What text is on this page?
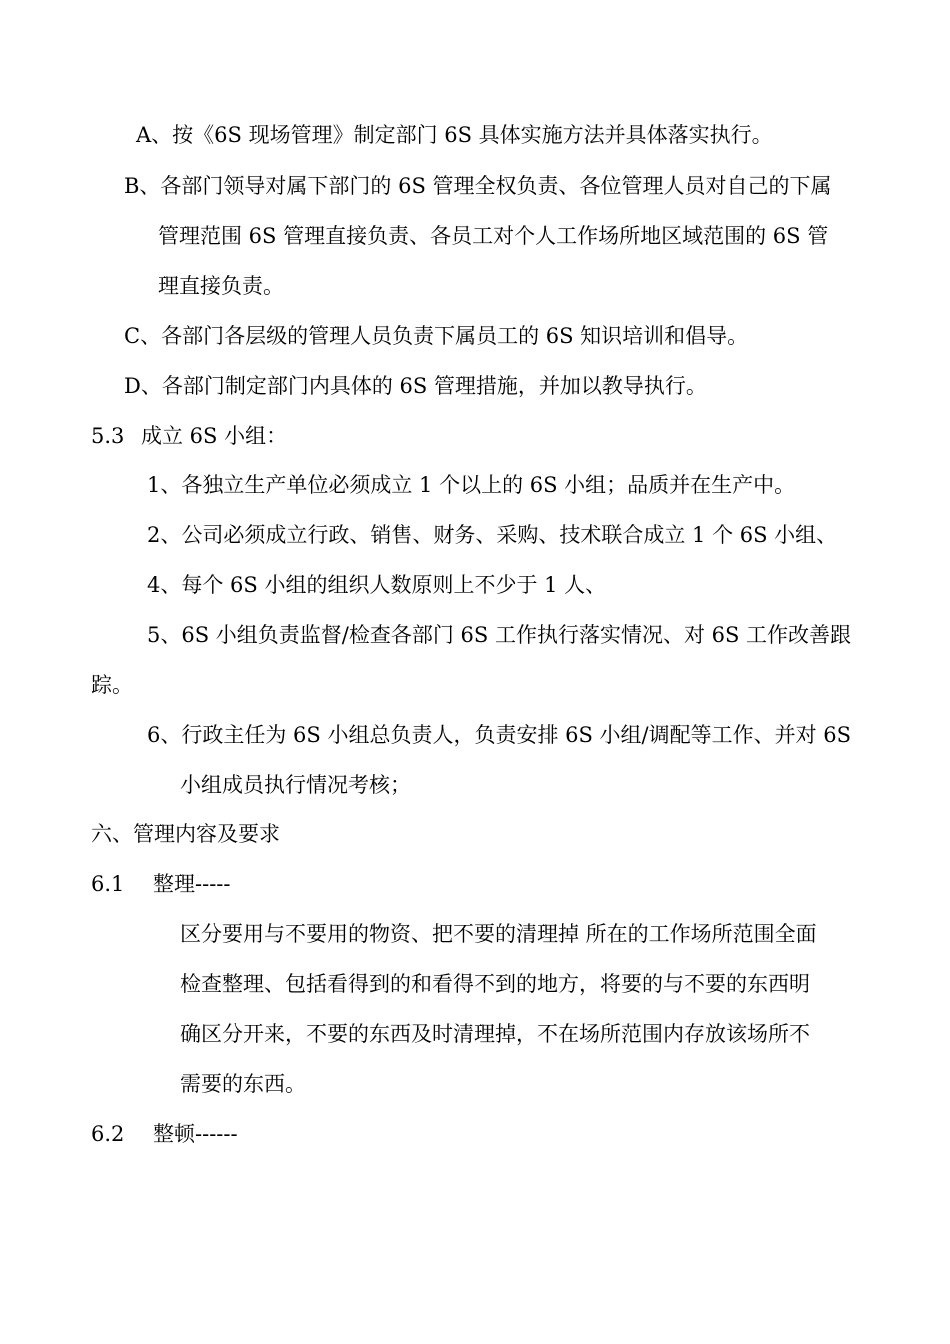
A、按《6S 现场管理》制定部门 6S 具体实施方法并具体落实执行。
B、各部门领导对属下部门的 6S 管理全权负责、各位管理人员对自己的下属
管理范围 6S 管理直接负责、各员工对个人工作场所地区域范围的 6S 管
理直接负责。
C、各部门各层级的管理人员负责下属员工的 6S 知识培训和倡导。
D、各部门制定部门内具体的 6S 管理措施，并加以教导执行。
5.3 成立 6S 小组：
1、各独立生产单位必须成立 1 个以上的 6S 小组；品质并在生产中。
2、公司必须成立行政、销售、财务、采购、技术联合成立 1 个 6S 小组、
4、每个 6S 小组的组织人数原则上不少于 1 人、
5、6S 小组负责监督/检查各部门 6S 工作执行落实情况、对 6S 工作改善跟
踪。
6、行政主任为 6S 小组总负责人，负责安排 6S 小组/调配等工作、并对 6S
小组成员执行情况考核；
六、管理内容及要求
6.1 整理-----
区分要用与不要用的物资、把不要的清理掉 所在的工作场所范围全面
检查整理、包括看得到的和看得不到的地方，将要的与不要的东西明
确区分开来，不要的东西及时清理掉，不在场所范围内存放该场所不
需要的东西。
6.2 整顿------
